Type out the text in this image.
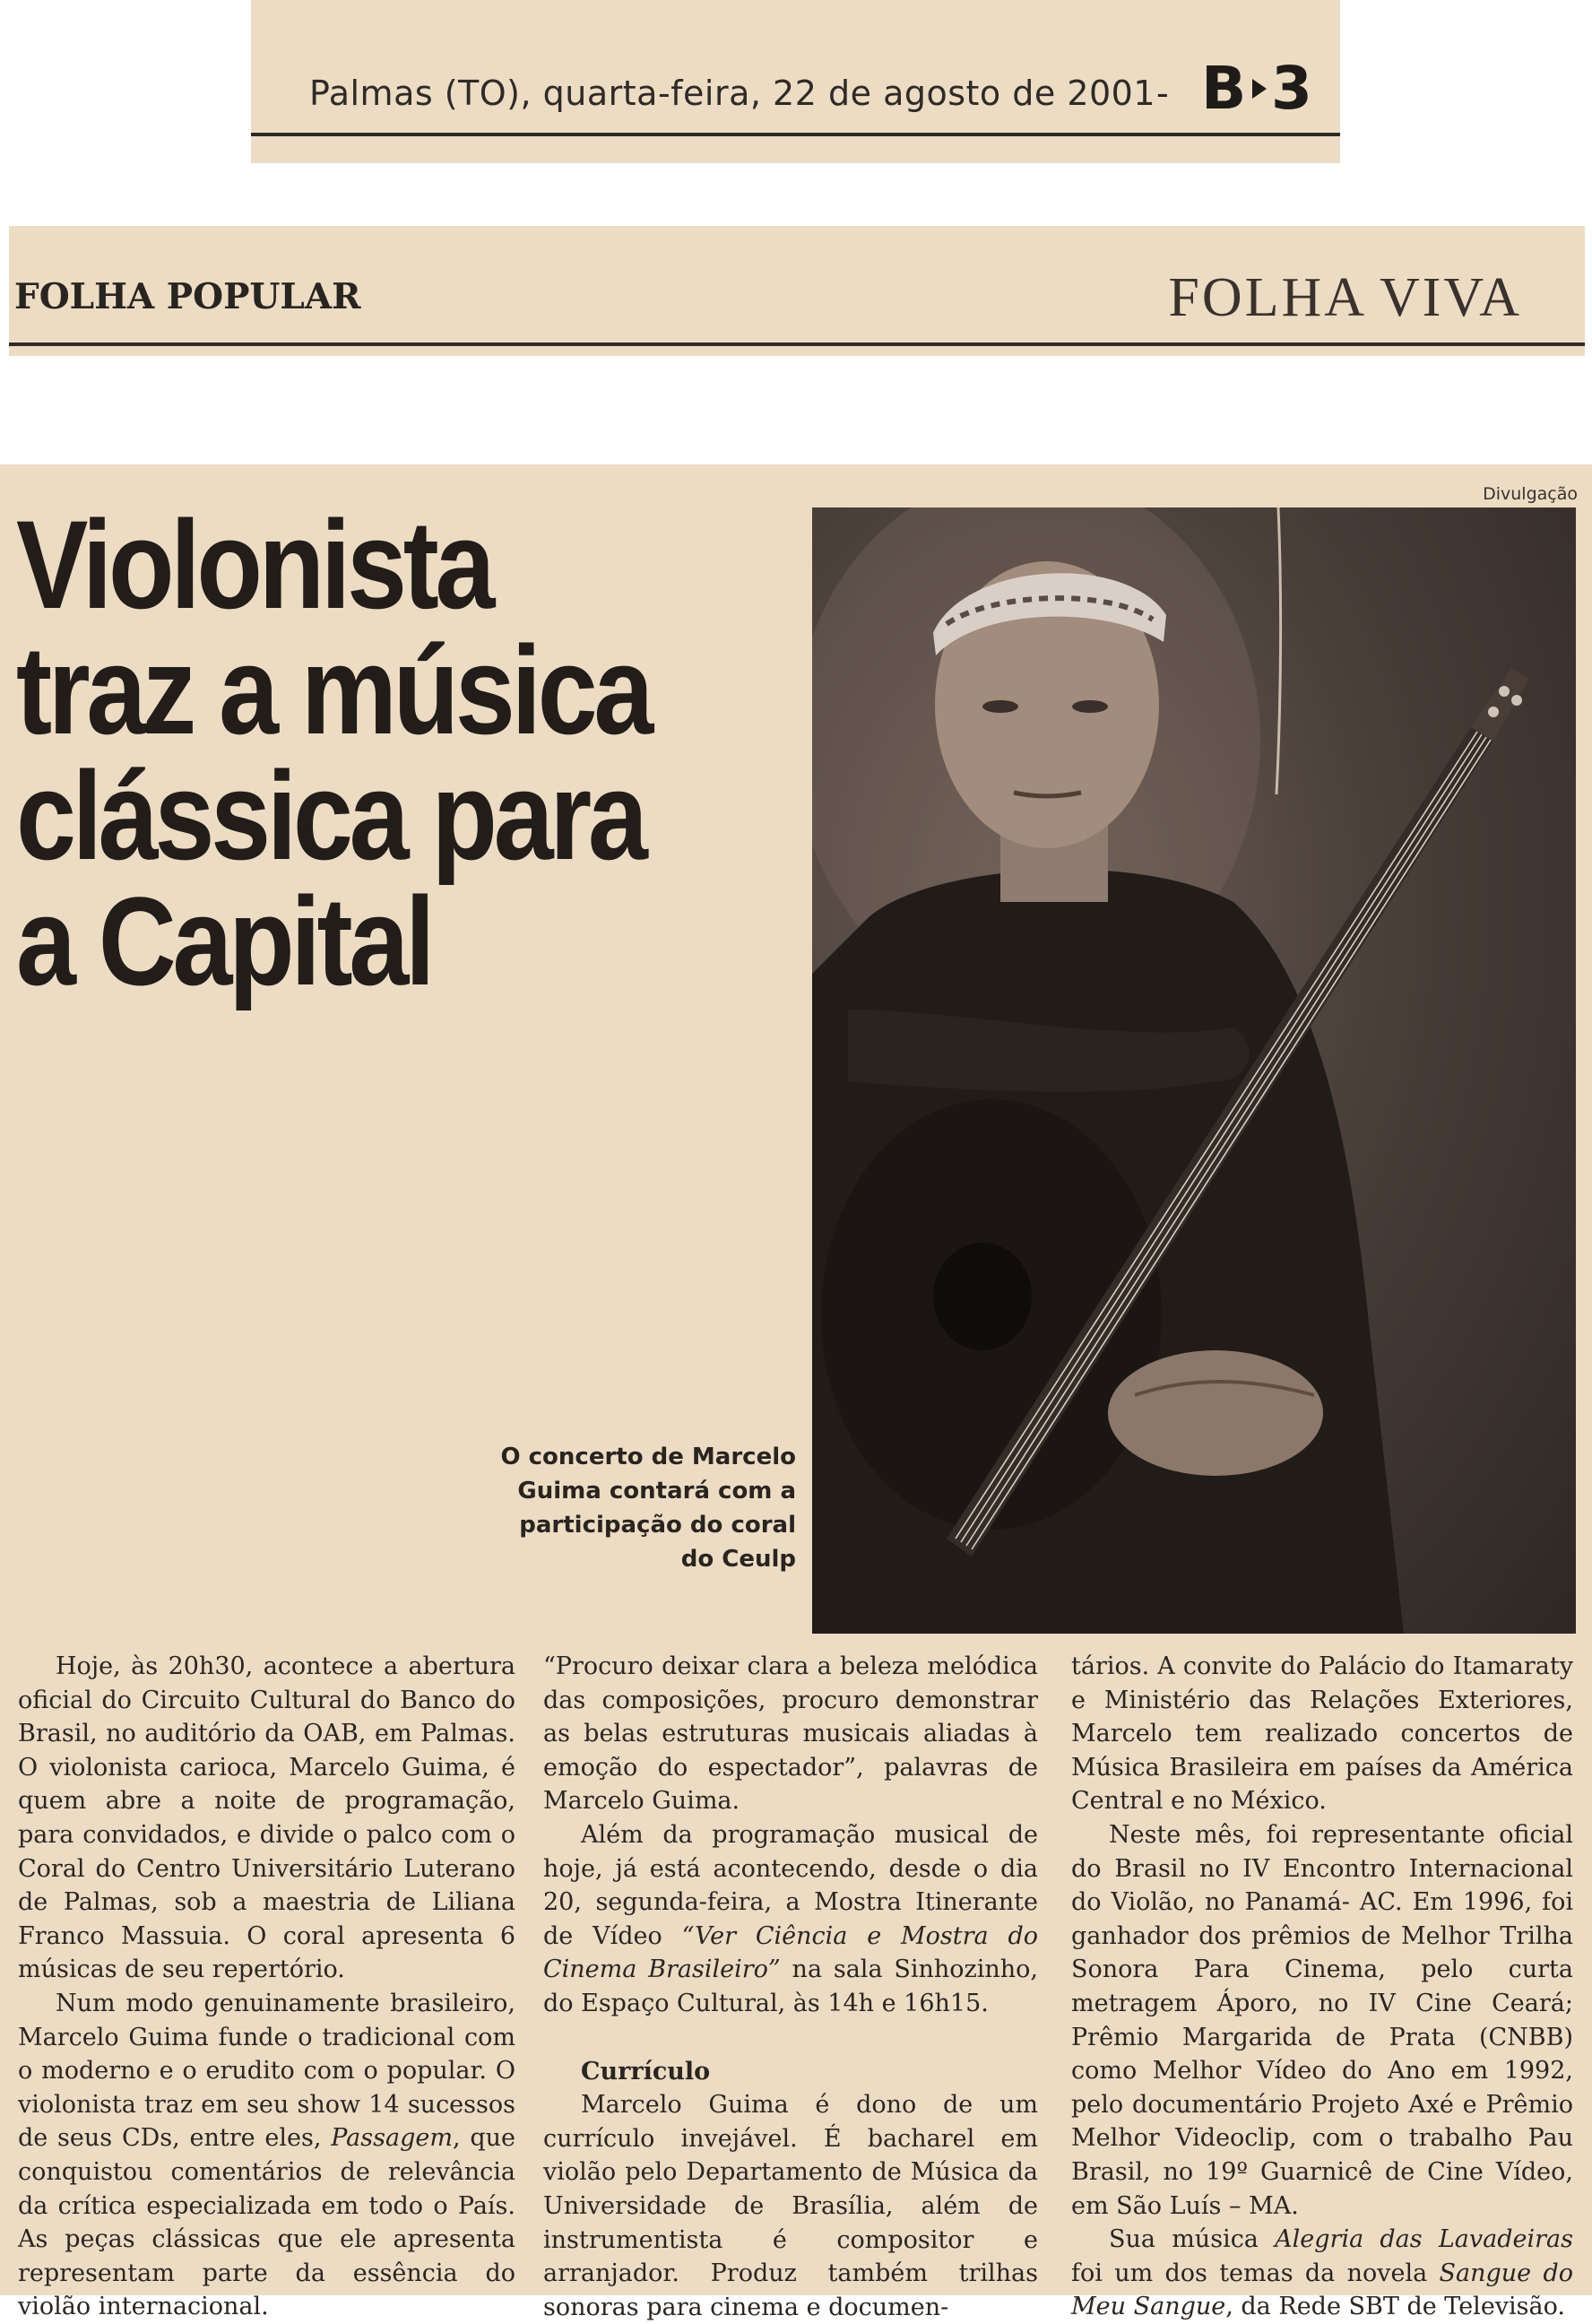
Palmas (TO), quarta-feira, 22 de agosto de 2001 - B 3
FOLHA POPULAR	FOLHA VIVA
Violonista
traz a música
clássica para
a Capital
Divulgação
O concerto de Marcelo
Guima contará com a
participação do coral
do Ceulp

Hoje, às 20h30, acontece a abertura oficial do Circuito Cultural do Banco do Brasil, no auditório da OAB, em Palmas. O violonista carioca, Marcelo Guima, é quem abre a noite de programação, para convidados, e divide o palco com o Coral do Centro Universitário Luterano de Palmas, sob a maestria de Liliana Franco Massuia. O coral apresenta 6 músicas de seu repertório.

Num modo genuinamente brasileiro, Marcelo Guima funde o tradicional com o moderno e o erudito com o popular. O violonista traz em seu show 14 sucessos de seus CDs, entre eles, Passagem, que conquistou comentários de relevância da crítica especializada em todo o País. As peças clássicas que ele apresenta representam parte da essência do violão internacional.

“Procuro deixar clara a beleza melódica das composições, procuro demonstrar as belas estruturas musicais aliadas à emoção do espectador”, palavras de Marcelo Guima.

Além da programação musical de hoje, já está acontecendo, desde o dia 20, segunda-feira, a Mostra Itinerante de Vídeo “Ver Ciência e Mostra do Cinema Brasileiro” na sala Sinhozinho, do Espaço Cultural, às 14h e 16h15.

Currículo

Marcelo Guima é dono de um currículo invejável. É bacharel em violão pelo Departamento de Música da Universidade de Brasília, além de instrumentista é compositor e arranjador. Produz também trilhas sonoras para cinema e documen-

tários. A convite do Palácio do Itamaraty e Ministério das Relações Exteriores, Marcelo tem realizado concertos de Música Brasileira em países da América Central e no México.

Neste mês, foi representante oficial do Brasil no IV Encontro Internacional do Violão, no Panamá- AC. Em 1996, foi ganhador dos prêmios de Melhor Trilha Sonora Para Cinema, pelo curta metragem Áporo, no IV Cine Ceará; Prêmio Margarida de Prata (CNBB) como Melhor Vídeo do Ano em 1992, pelo documentário Projeto Axé e Prêmio Melhor Videoclip, com o trabalho Pau Brasil, no 19º Guarnicê de Cine Vídeo, em São Luís – MA.

Sua música Alegria das Lavadeiras foi um dos temas da novela Sangue do Meu Sangue, da Rede SBT de Televisão.
